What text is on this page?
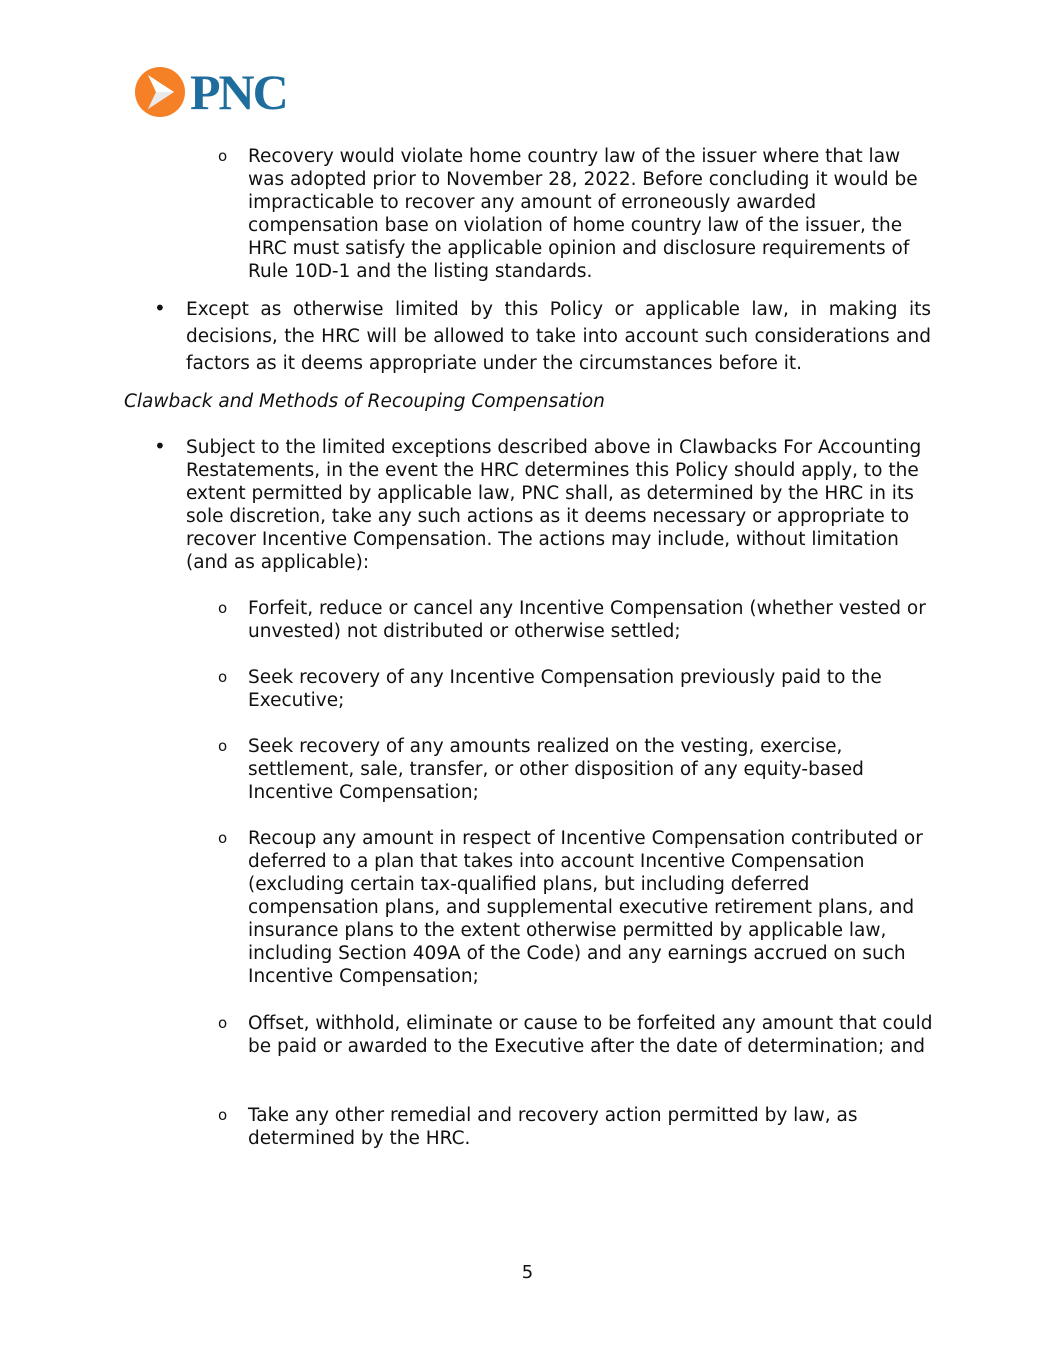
PNC
o Recovery would violate home country law of the issuer where that law was adopted prior to November 28, 2022. Before concluding it would be impracticable to recover any amount of erroneously awarded compensation base on violation of home country law of the issuer, the HRC must satisfy the applicable opinion and disclosure requirements of Rule 10D-1 and the listing standards.
• Except as otherwise limited by this Policy or applicable law, in making its decisions, the HRC will be allowed to take into account such considerations and factors as it deems appropriate under the circumstances before it.
Clawback and Methods of Recouping Compensation
• Subject to the limited exceptions described above in Clawbacks For Accounting Restatements, in the event the HRC determines this Policy should apply, to the extent permitted by applicable law, PNC shall, as determined by the HRC in its sole discretion, take any such actions as it deems necessary or appropriate to recover Incentive Compensation. The actions may include, without limitation (and as applicable):
o Forfeit, reduce or cancel any Incentive Compensation (whether vested or unvested) not distributed or otherwise settled;
o Seek recovery of any Incentive Compensation previously paid to the Executive;
o Seek recovery of any amounts realized on the vesting, exercise, settlement, sale, transfer, or other disposition of any equity-based Incentive Compensation;
o Recoup any amount in respect of Incentive Compensation contributed or deferred to a plan that takes into account Incentive Compensation (excluding certain tax-qualified plans, but including deferred compensation plans, and supplemental executive retirement plans, and insurance plans to the extent otherwise permitted by applicable law, including Section 409A of the Code) and any earnings accrued on such Incentive Compensation;
o Offset, withhold, eliminate or cause to be forfeited any amount that could be paid or awarded to the Executive after the date of determination; and
o Take any other remedial and recovery action permitted by law, as determined by the HRC.
5
